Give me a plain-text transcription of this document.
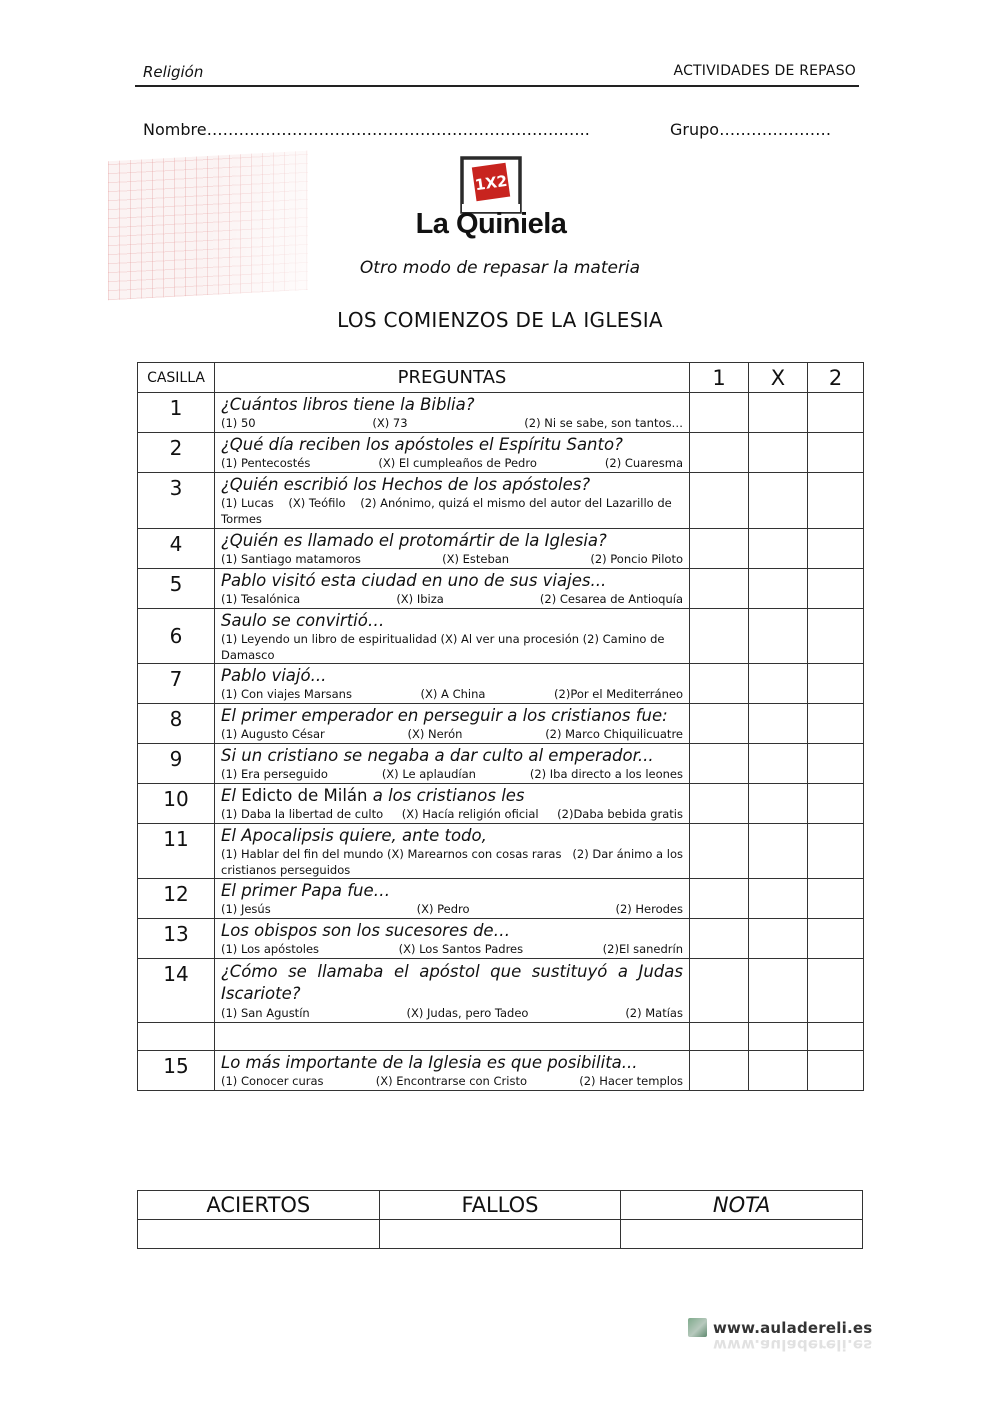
Religión	ACTIVIDADES DE REPASO
Nombre………………………………………………………….…..	Grupo…………………
1X2
La Quiniela
Otro modo de repasar la materia
LOS COMIENZOS DE LA IGLESIA
CASILLA	PREGUNTAS	1	X	2
1	¿Cuántos libros tiene la Biblia?
(1) 50 (X) 73 (2) Ni se sabe, son tantos…			

2	¿Qué día reciben los apóstoles el Espíritu Santo?
(1) Pentecostés (X) El cumpleaños de Pedro (2) Cuaresma			

3	¿Quién escribió los Hechos de los apóstoles?
(1) Lucas    (X) Teófilo    (2) Anónimo, quizá el mismo del autor del Lazarillo de Tormes			

4	¿Quién es llamado el protomártir de la Iglesia?
(1) Santiago matamoros (X) Esteban (2) Poncio Piloto			

5	Pablo visitó esta ciudad en uno de sus viajes...
(1) Tesalónica (X) Ibiza (2) Cesarea de Antioquía			

6	Saulo se convirtió…
(1) Leyendo un libro de espiritualidad (X) Al ver una procesión (2) Camino de Damasco			

7	Pablo viajó...
(1) Con viajes Marsans (X) A China (2)Por el Mediterráneo			

8	El primer emperador en perseguir a los cristianos fue:
(1) Augusto César (X) Nerón (2) Marco Chiquilicuatre			

9	Si un cristiano se negaba a dar culto al emperador...
(1) Era perseguido (X) Le aplaudían (2) Iba directo a los leones			

10	El Edicto de Milán a los cristianos les
(1) Daba la libertad de culto (X) Hacía religión oficial (2)Daba bebida gratis			

11	El Apocalipsis quiere, ante todo,
(1) Hablar del fin del mundo (X) Marearnos con cosas raras   (2) Dar ánimo a los cristianos perseguidos			

12	El primer Papa fue…
(1) Jesús (X) Pedro (2) Herodes			

13	Los obispos son los sucesores de…
(1) Los apóstoles (X) Los Santos Padres (2)El sanedrín			

14	¿Cómo se llamaba el apóstol que sustituyó a Judas Iscariote?
(1) San Agustín (X) Judas, pero Tadeo (2) Matías			

15	Lo más importante de la Iglesia es que posibilita...
(1) Conocer curas (X) Encontrarse con Cristo (2) Hacer templos			

ACIERTOS	FALLOS	NOTA

www.auladereli.es
www.auladereli.es
